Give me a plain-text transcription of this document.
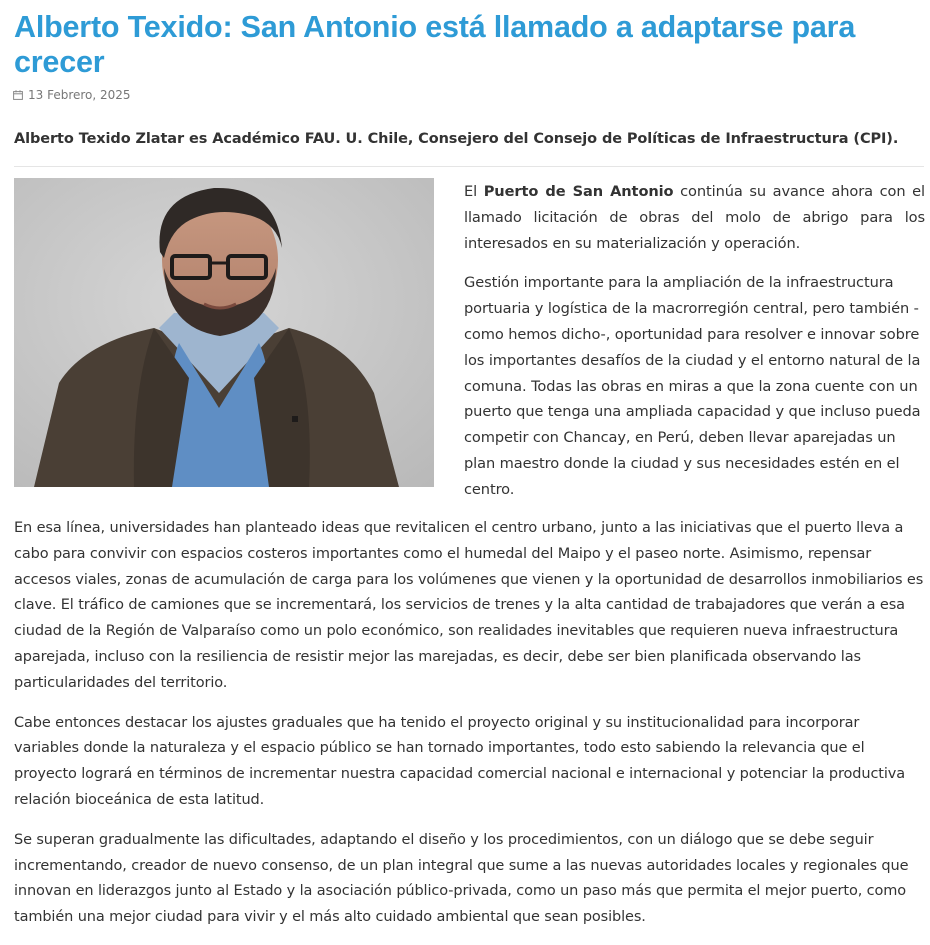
Alberto Texido: San Antonio está llamado a adaptarse para crecer
13 Febrero, 2025

Alberto Texido Zlatar es Académico FAU. U. Chile, Consejero del Consejo de Políticas de Infraestructura (CPI).

El Puerto de San Antonio continúa su avance ahora con el llamado licitación de obras del molo de abrigo para los interesados en su materialización y operación.

Gestión importante para la ampliación de la infraestructura portuaria y logística de la macrorregión central, pero también -como hemos dicho-, oportunidad para resolver e innovar sobre los importantes desafíos de la ciudad y el entorno natural de la comuna. Todas las obras en miras a que la zona cuente con un puerto que tenga una ampliada capacidad y que incluso pueda competir con Chancay, en Perú, deben llevar aparejadas un plan maestro donde la ciudad y sus necesidades estén en el centro.

En esa línea, universidades han planteado ideas que revitalicen el centro urbano, junto a las iniciativas que el puerto lleva a cabo para convivir con espacios costeros importantes como el humedal del Maipo y el paseo norte. Asimismo, repensar accesos viales, zonas de acumulación de carga para los volúmenes que vienen y la oportunidad de desarrollos inmobiliarios es clave. El tráfico de camiones que se incrementará, los servicios de trenes y la alta cantidad de trabajadores que verán a esa ciudad de la Región de Valparaíso como un polo económico, son realidades inevitables que requieren nueva infraestructura aparejada, incluso con la resiliencia de resistir mejor las marejadas, es decir, debe ser bien planificada observando las particularidades del territorio.

Cabe entonces destacar los ajustes graduales que ha tenido el proyecto original y su institucionalidad para incorporar variables donde la naturaleza y el espacio público se han tornado importantes, todo esto sabiendo la relevancia que el proyecto logrará en términos de incrementar nuestra capacidad comercial nacional e internacional y potenciar la productiva relación bioceánica de esta latitud.

Se superan gradualmente las dificultades, adaptando el diseño y los procedimientos, con un diálogo que se debe seguir incrementando, creador de nuevo consenso, de un plan integral que sume a las nuevas autoridades locales y regionales que innovan en liderazgos junto al Estado y la asociación público-privada, como un paso más que permita el mejor puerto, como también una mejor ciudad para vivir y el más alto cuidado ambiental que sean posibles.
